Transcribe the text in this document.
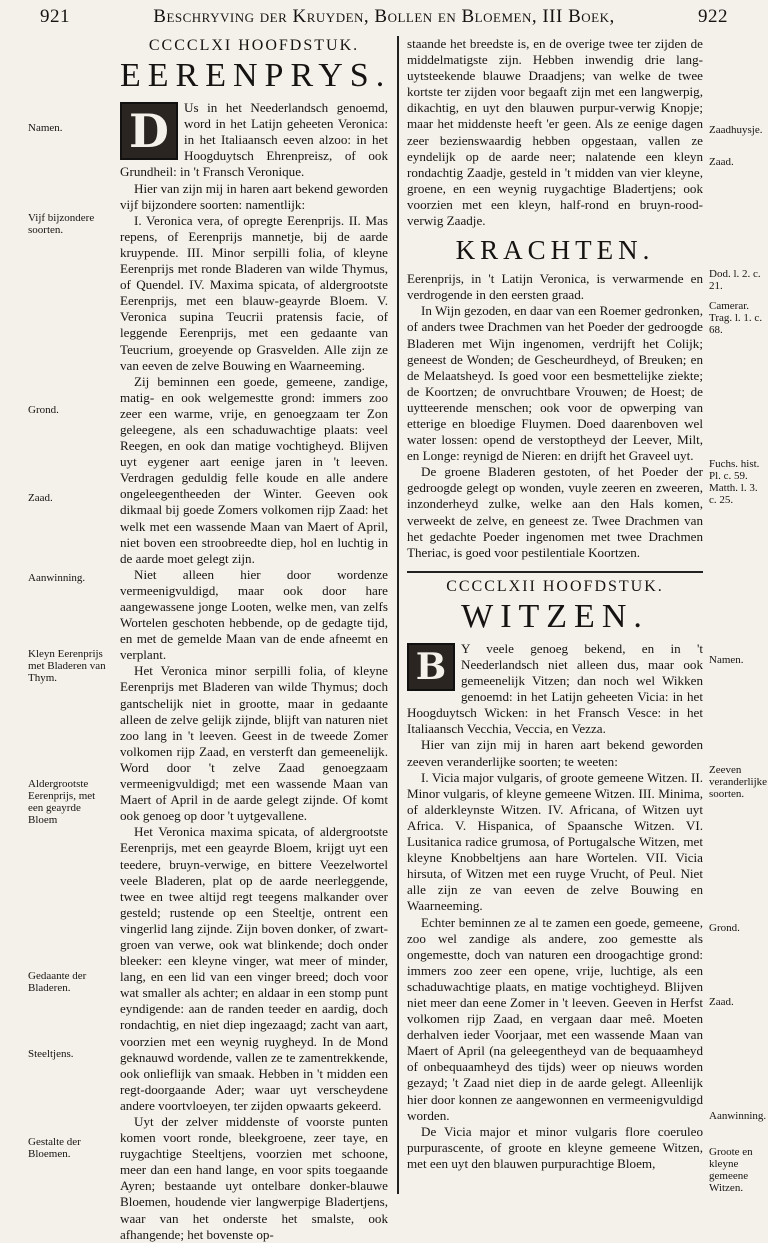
921	Beschryving der Kruyden, Bollen en Bloemen, III Boek,	922
CCCCLXI HOOFDSTUK.
EERENPRYS.
D	Us in het Neederlandsch genoemd, word in het Latijn geheeten Veronica: in het Italiaansch eeven alzoo: in het Hoogduytsch Ehrenpreisz, of ook Grundheil: in 't Fransch Veronique.

Hier van zijn mij in haren aart bekend geworden vijf bijzondere soorten: namentlijk:

I. Veronica vera, of opregte Eerenprijs. II. Mas repens, of Eerenprijs mannetje, bij de aarde kruypende. III. Minor serpilli folia, of kleyne Eerenprijs met ronde Bladeren van wilde Thymus, of Quendel. IV. Maxima spicata, of aldergrootste Eerenprijs, met een blauw-geayrde Bloem. V. Veronica supina Teucrii pratensis facie, of leggende Eerenprijs, met een gedaante van Teucrium, groeyende op Grasvelden. Alle zijn ze van eeven de zelve Bouwing en Waarneeming.

Zij beminnen een goede, gemeene, zandige, matig- en ook welgemestte grond: immers zoo zeer een warme, vrije, en genoegzaam ter Zon geleegene, als een schaduwachtige plaats: veel Reegen, en ook dan matige vochtigheyd. Blijven uyt eygener aart eenige jaren in 't leeven. Verdragen geduldig felle koude en alle andere ongeleegentheeden der Winter. Geeven ook dikmaal bij goede Zomers volkomen rijp Zaad: het welk met een wassende Maan van Maert of April, niet boven een stroobreedte diep, hol en luchtig in de aarde moet gelegt zijn.

Niet alleen hier door wordenze vermeenigvuldigd, maar ook door hare aangewassene jonge Looten, welke men, van zelfs Wortelen geschoten hebbende, op de gedagte tijd, en met de gemelde Maan van de ende afneemt en verplant.

Het Veronica minor serpilli folia, of kleyne Eerenprijs met Bladeren van wilde Thymus; doch gantschelijk niet in grootte, maar in gedaante alleen de zelve gelijk zijnde, blijft van naturen niet zoo lang in 't leeven. Geest in de tweede Zomer volkomen rijp Zaad, en versterft dan gemeenelijk. Word door 't zelve Zaad genoegzaam vermeenigvuldigd; met een wassende Maan van Maert of April in de aarde gelegt zijnde. Of komt ook genoeg op door 't uytgevallene.

Het Veronica maxima spicata, of aldergrootste Eerenprijs, met een geayrde Bloem, krijgt uyt een teedere, bruyn-verwige, en bittere Veezelwortel veele Bladeren, plat op de aarde neerleggende, twee en twee altijd regt teegens malkander over gesteld; rustende op een Steeltje, ontrent een vingerlid lang zijnde. Zijn boven donker, of zwart-groen van verwe, ook wat blinkende; doch onder bleeker: een kleyne vinger, wat meer of minder, lang, en een lid van een vinger breed; doch voor wat smaller als achter; en aldaar in een stomp punt eyndigende: aan de randen teeder en aardig, doch rondachtig, en niet diep ingezaagd; zacht van aart, voorzien met een weynig ruygheyd. In de Mond geknauwd wordende, vallen ze te zamentrekkende, ook onlieflijk van smaak. Hebben in 't midden een regt-doorgaande Ader; waar uyt verscheydene andere voortvloeyen, ter zijden opwaarts gekeerd.

Uyt der zelver middenste of voorste punten komen voort ronde, bleekgroene, zeer taye, en ruygachtige Steeltjens, voorzien met schoone, meer dan een hand lange, en voor spits toegaande Ayren; bestaande uyt ontelbare donker-blauwe Bloemen, houdende vier langwerpige Bladertjens, waar van het onderste het smalste, ook afhangende; het bovenste op-

staande het breedste is, en de overige twee ter zijden de middelmatigste zijn. Hebben inwendig drie lang-uytsteekende blauwe Draadjens; van welke de twee kortste ter zijden voor begaaft zijn met een langwerpig, dikachtig, en uyt den blauwen purpur-verwig Knopje; maar het middenste heeft 'er geen. Als ze eenige dagen zeer bezienswaardig hebben opgestaan, vallen ze eyndelijk op de aarde neer; nalatende een kleyn rondachtig Zaadje, gesteld in 't midden van vier kleyne, groene, en een weynig ruygachtige Bladertjens; ook voorzien met een kleyn, half-rond en bruyn-rood-verwig Zaadje.

KRACHTEN.

Eerenprijs, in 't Latijn Veronica, is verwarmende en verdrogende in den eersten graad.

In Wijn gezoden, en daar van een Roemer gedronken, of anders twee Drachmen van het Poeder der gedroogde Bladeren met Wijn ingenomen, verdrijft het Colijk; geneest de Wonden; de Gescheurdheyd, of Breuken; en de Melaatsheyd. Is goed voor een besmettelijke ziekte; de Koortzen; de onvruchtbare Vrouwen; de Hoest; de uytteerende menschen; ook voor de opwerping van etterige en bloedige Fluymen. Doed daarenboven wel water lossen: opend de verstoptheyd der Leever, Milt, en Longe: reynigd de Nieren: en drijft het Graveel uyt.

De groene Bladeren gestoten, of het Poeder der gedroogde gelegt op wonden, vuyle zeeren en zweeren, inzonderheyd zulke, welke aan den Hals komen, verweekt de zelve, en geneest ze. Twee Drachmen van het gedachte Poeder ingenomen met twee Drachmen Theriac, is goed voor pestilentiale Koortzen.

CCCCLXII HOOFDSTUK.
WITZEN.
B	Y veele genoeg bekend, en in 't Neederlandsch niet alleen dus, maar ook gemeenelijk Vitzen; dan noch wel Wikken genoemd: in het Latijn geheeten Vicia: in het Hoogduytsch Wicken: in het Fransch Vesce: in het Italiaansch Vecchia, Veccia, en Vezza.

Hier van zijn mij in haren aart bekend geworden zeeven veranderlijke soorten; te weeten:

I. Vicia major vulgaris, of groote gemeene Witzen. II. Minor vulgaris, of kleyne gemeene Witzen. III. Minima, of alderkleynste Witzen. IV. Africana, of Witzen uyt Africa. V. Hispanica, of Spaansche Witzen. VI. Lusitanica radice grumosa, of Portugalsche Witzen, met kleyne Knobbeltjens aan hare Wortelen. VII. Vicia hirsuta, of Witzen met een ruyge Vrucht, of Peul. Niet alle zijn ze van eeven de zelve Bouwing en Waarneeming.

Echter beminnen ze al te zamen een goede, gemeene, zoo wel zandige als andere, zoo gemestte als ongemestte, doch van naturen een droogachtige grond: immers zoo zeer een opene, vrije, luchtige, als een schaduwachtige plaats, en matige vochtigheyd. Blijven niet meer dan eene Zomer in 't leeven. Geeven in Herfst volkomen rijp Zaad, en vergaan daar meê. Moeten derhalven ieder Voorjaar, met een wassende Maan van Maert of April (na geleegentheyd van de bequaamheyd of onbequaamheyd des tijds) weer op nieuws worden gezayd; 't Zaad niet diep in de aarde gelegt. Alleenlijk hier door konnen ze aangewonnen en vermeenigvuldigd worden.

De Vicia major et minor vulgaris flore coeruleo purpurascente, of groote en kleyne gemeene Witzen, met een uyt den blauwen purpurachtige Bloem,

Namen.
Vijf bijzondere soorten.
Grond.
Zaad.
Aanwinning.
Kleyn Eerenprijs met Bladeren van Thym.
Aldergrootste Eerenprijs, met een geayrde Bloem
Gedaante der Bladeren.
Steeltjens.
Gestalte der Bloemen.
Zaadhuysje.
Zaad.
Dod. l. 2. c. 21.
Camerar. Trag. l. 1. c. 68.
Fuchs. hist. Pl. c. 59. Matth. l. 3. c. 25.
Namen.
Zeeven veranderlijke soorten.
Grond.
Zaad.
Aanwinning.
Groote en kleyne gemeene Witzen.
